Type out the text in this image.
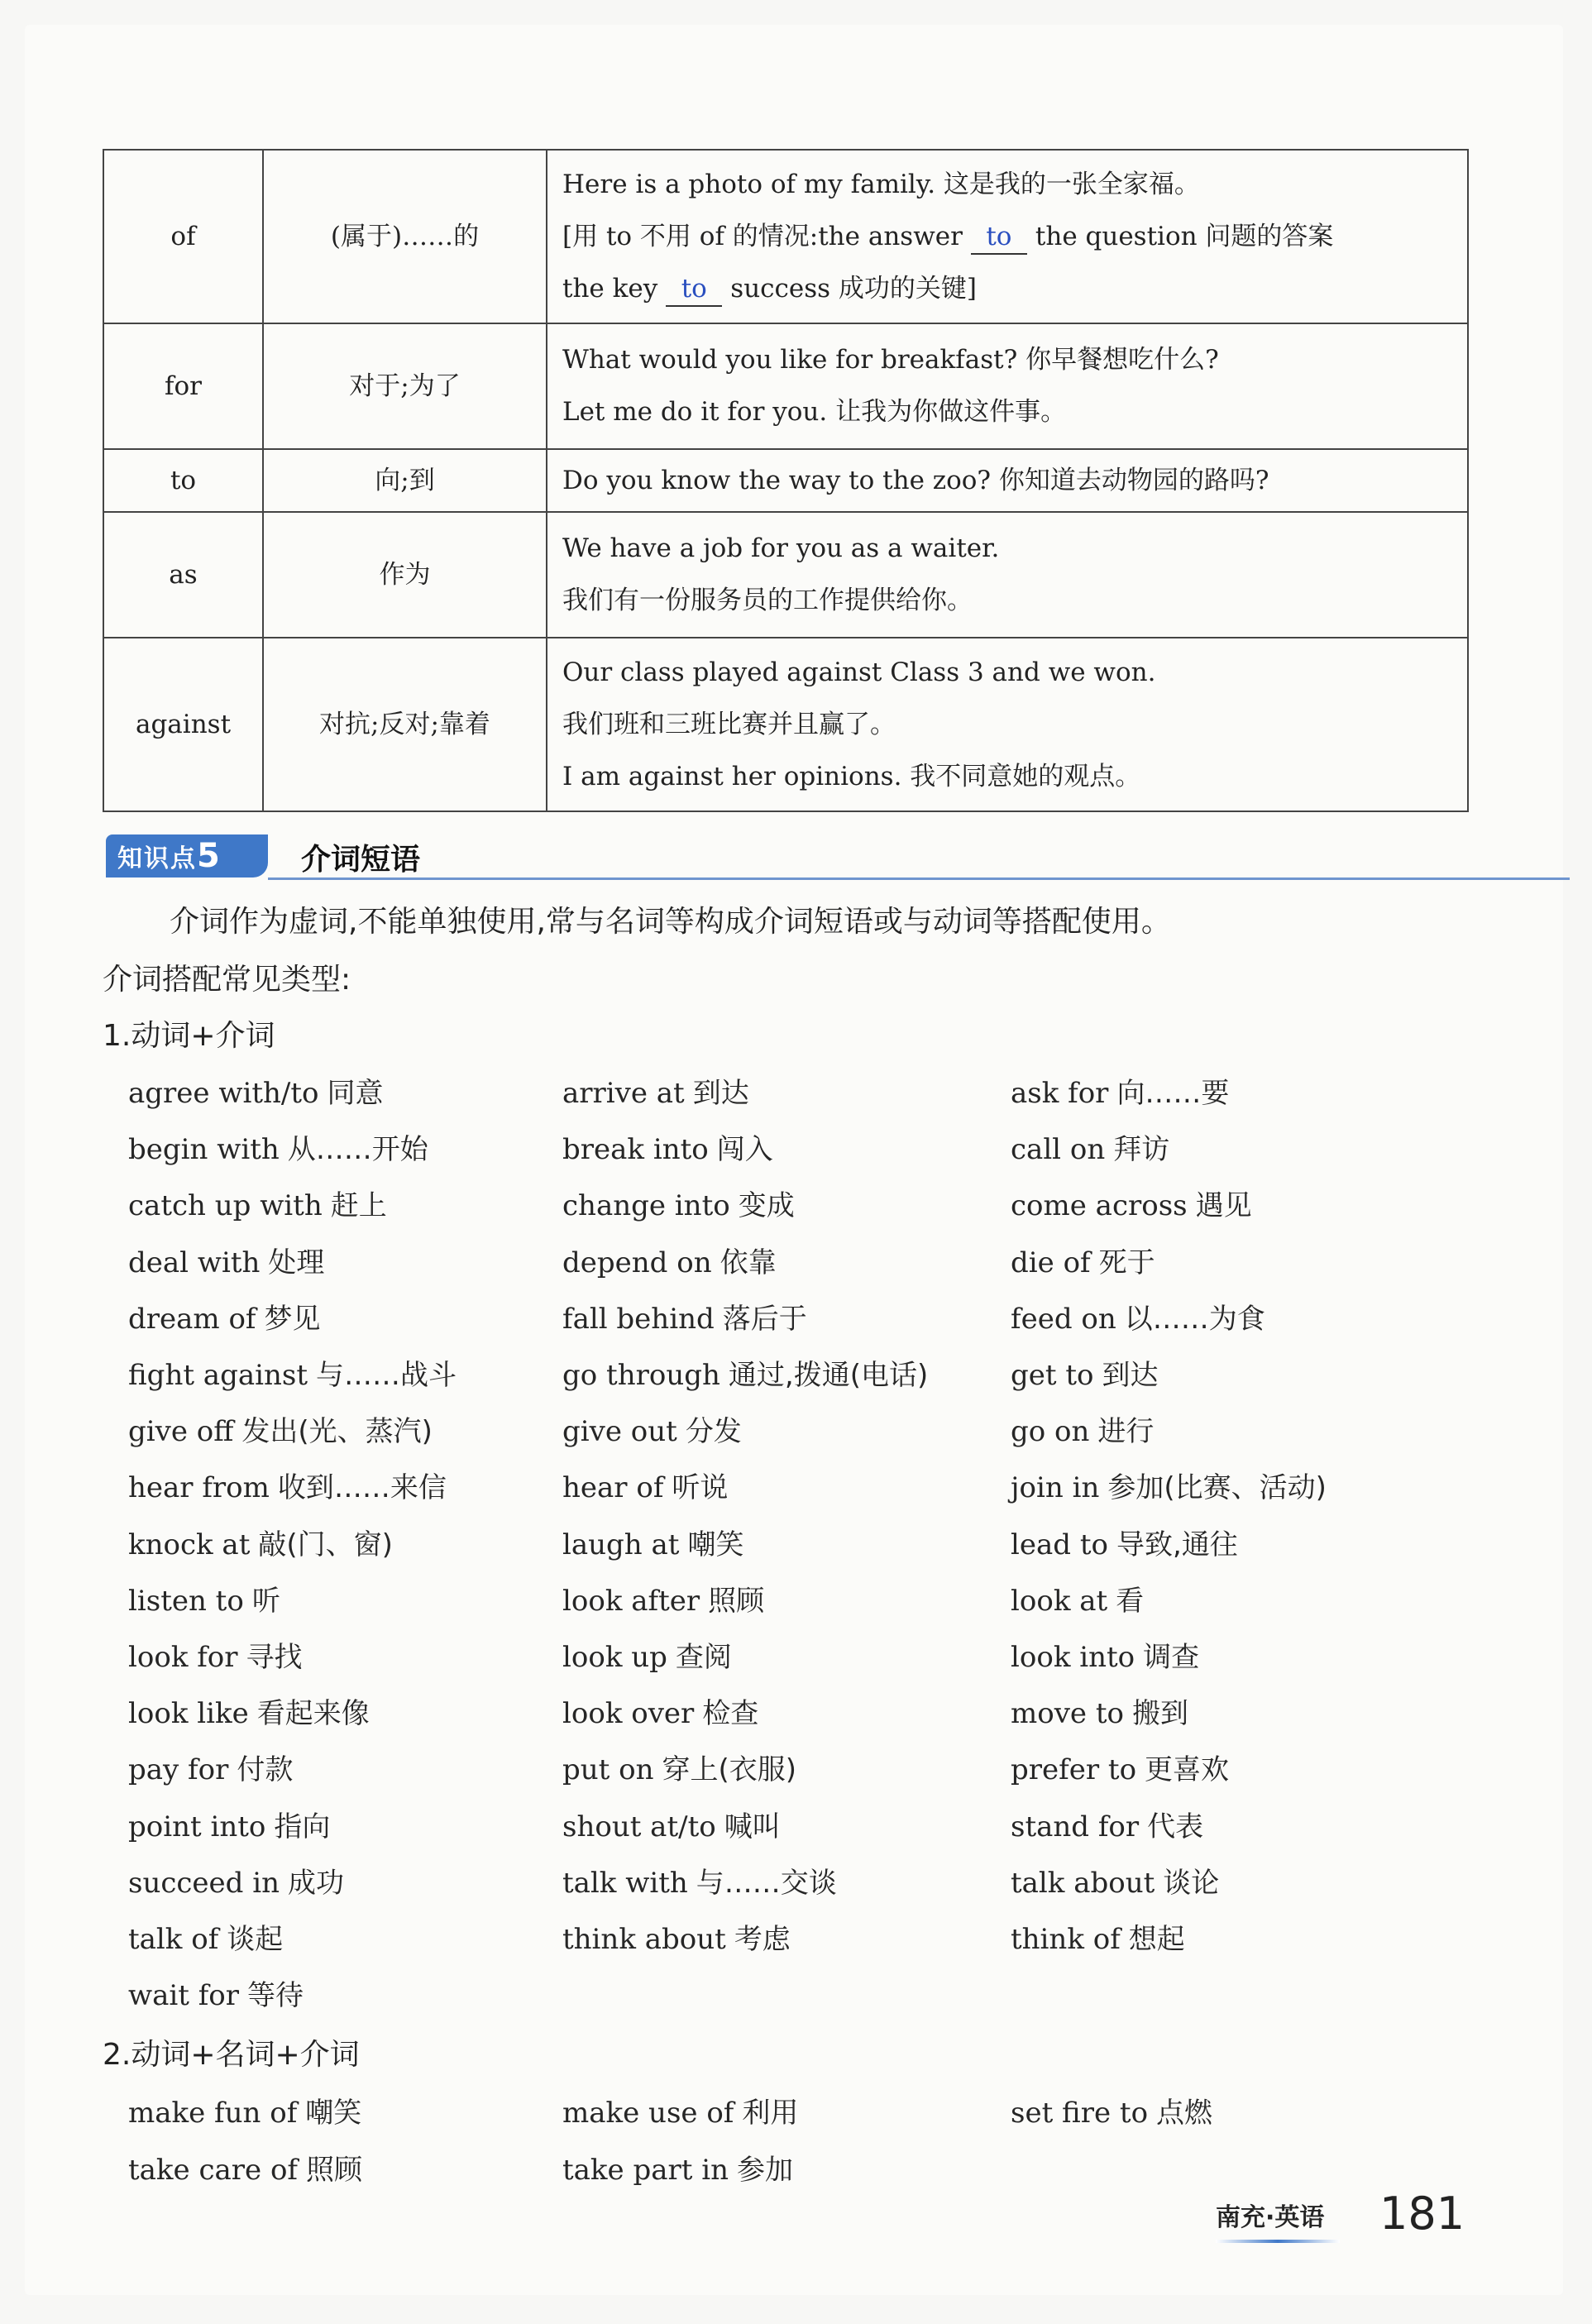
of	(属于)……的	Here is a photo of my family. 这是我的一张全家福。
[用 to 不用 of 的情况:the answer to the question 问题的答案
the key to success 成功的关键]

for	对于;为了	What would you like for breakfast? 你早餐想吃什么?
Let me do it for you. 让我为你做这件事。

to	向;到	Do you know the way to the zoo? 你知道去动物园的路吗?

as	作为	We have a job for you as a waiter.
我们有一份服务员的工作提供给你。

against	对抗;反对;靠着	Our class played against Class 3 and we won.
我们班和三班比赛并且赢了。
I am against her opinions. 我不同意她的观点。
知识点5	介词短语
介词作为虚词,不能单独使用,常与名词等构成介词短语或与动词等搭配使用。
介词搭配常见类型:
1.动词+介词
agree with/to 同意	arrive at 到达	ask for 向……要
begin with 从……开始	break into 闯入	call on 拜访
catch up with 赶上	change into 变成	come across 遇见
deal with 处理	depend on 依靠	die of 死于
dream of 梦见	fall behind 落后于	feed on 以……为食
fight against 与……战斗	go through 通过,拨通(电话)	get to 到达
give off 发出(光、蒸汽)	give out 分发	go on 进行
hear from 收到……来信	hear of 听说	join in 参加(比赛、活动)
knock at 敲(门、窗)	laugh at 嘲笑	lead to 导致,通往
listen to 听	look after 照顾	look at 看
look for 寻找	look up 查阅	look into 调查
look like 看起来像	look over 检查	move to 搬到
pay for 付款	put on 穿上(衣服)	prefer to 更喜欢
point into 指向	shout at/to 喊叫	stand for 代表
succeed in 成功	talk with 与……交谈	talk about 谈论
talk of 谈起	think about 考虑	think of 想起
wait for 等待
2.动词+名词+介词
make fun of 嘲笑	make use of 利用	set fire to 点燃
take care of 照顾	take part in 参加
南充·英语 181
